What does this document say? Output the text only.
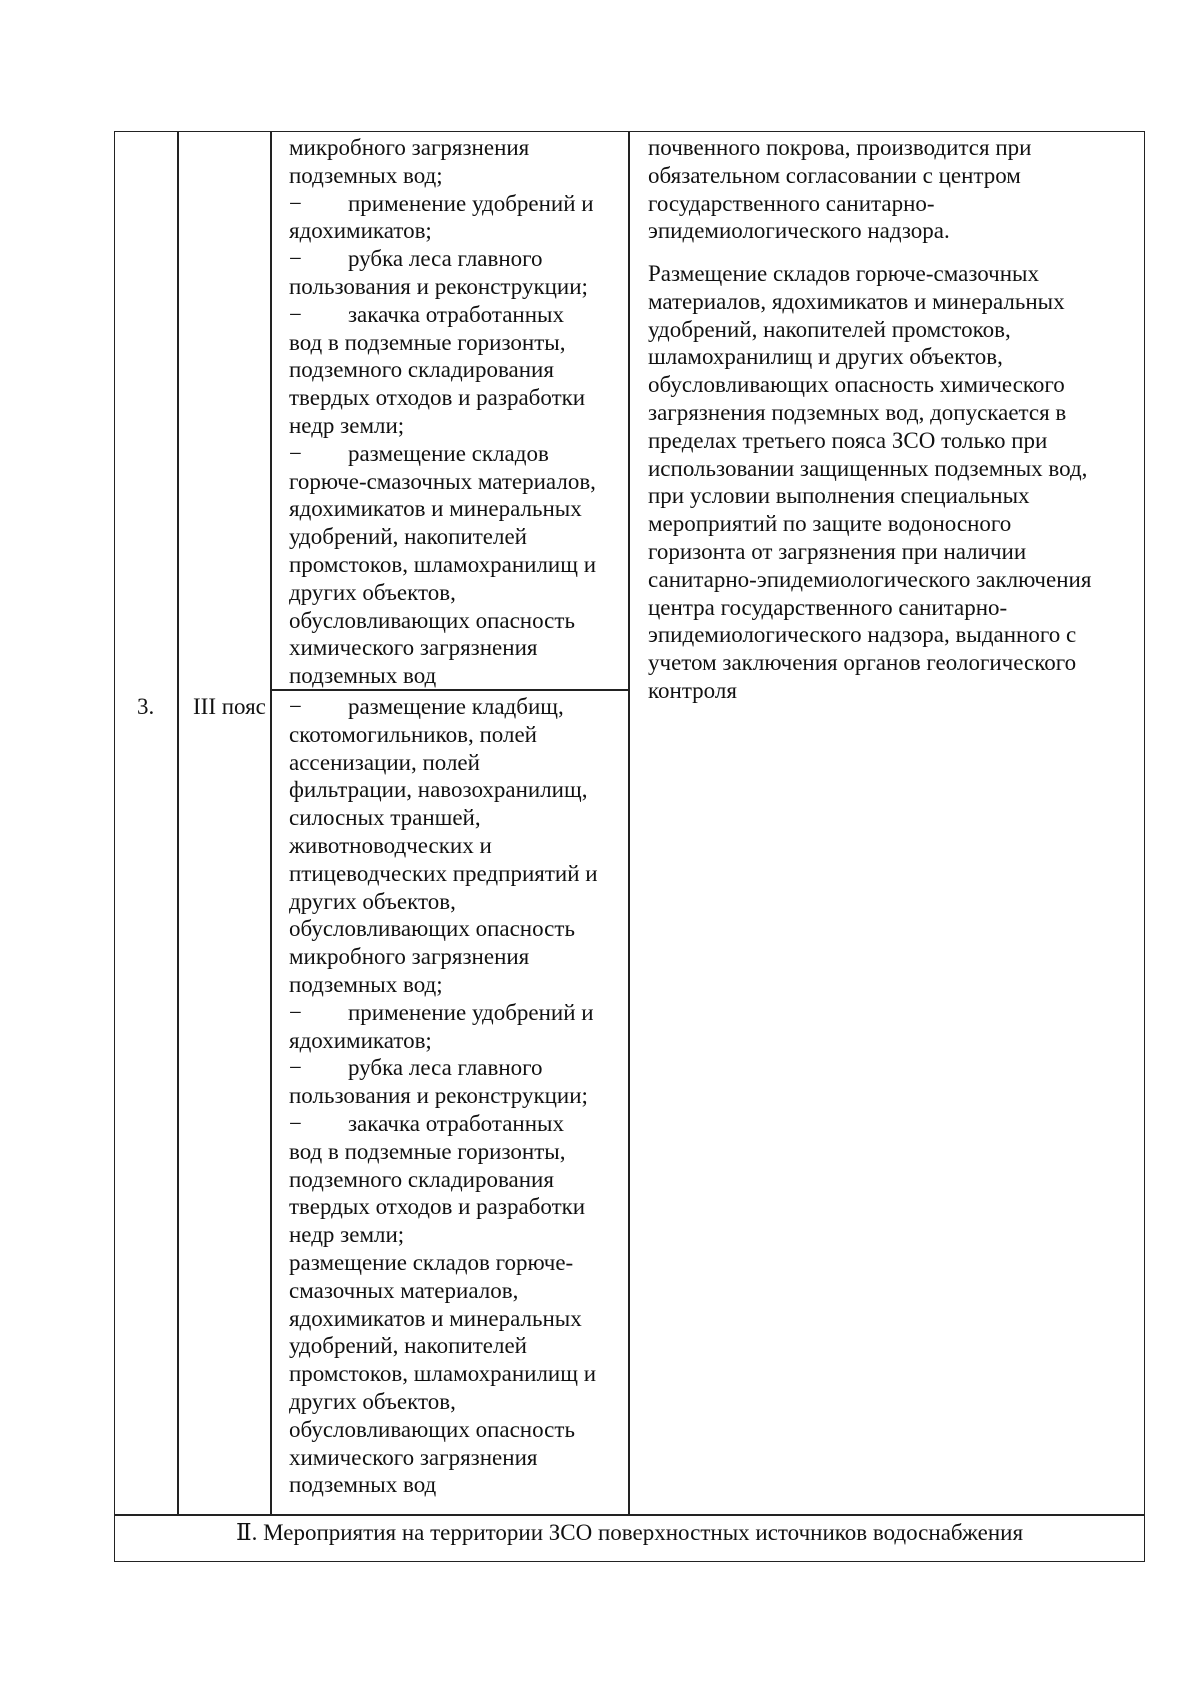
микробного загрязнения
подземных вод;
−        применение удобрений и
ядохимикатов;
−        рубка леса главного
пользования и реконструкции;
−        закачка отработанных
вод в подземные горизонты,
подземного складирования
твердых отходов и разработки
недр земли;
−        размещение складов
горюче-смазочных материалов,
ядохимикатов и минеральных
удобрений, накопителей
промстоков, шламохранилищ и
других объектов,
обусловливающих опасность
химического загрязнения
подземных вод
почвенного покрова, производится при
обязательном согласовании с центром
государственного санитарно-
эпидемиологического надзора.
Размещение складов горюче-смазочных
материалов, ядохимикатов и минеральных
удобрений, накопителей промстоков,
шламохранилищ и других объектов,
обусловливающих опасность химического
загрязнения подземных вод, допускается в
пределах третьего пояса ЗСО только при
использовании защищенных подземных вод,
при условии выполнения специальных
мероприятий по защите водоносного
горизонта от загрязнения при наличии
санитарно-эпидемиологического заключения
центра государственного санитарно-
эпидемиологического надзора, выданного с
учетом заключения органов геологического
контроля
3. III пояс −        размещение кладбищ,
скотомогильников, полей
ассенизации, полей
фильтрации, навозохранилищ,
силосных траншей,
животноводческих и
птицеводческих предприятий и
других объектов,
обусловливающих опасность
микробного загрязнения
подземных вод;
−        применение удобрений и
ядохимикатов;
−        рубка леса главного
пользования и реконструкции;
−        закачка отработанных
вод в подземные горизонты,
подземного складирования
твердых отходов и разработки
недр земли;
размещение складов горюче-
смазочных материалов,
ядохимикатов и минеральных
удобрений, накопителей
промстоков, шламохранилищ и
других объектов,
обусловливающих опасность
химического загрязнения
подземных вод
Ⅱ. Мероприятия на территории ЗСО поверхностных источников водоснабжения
